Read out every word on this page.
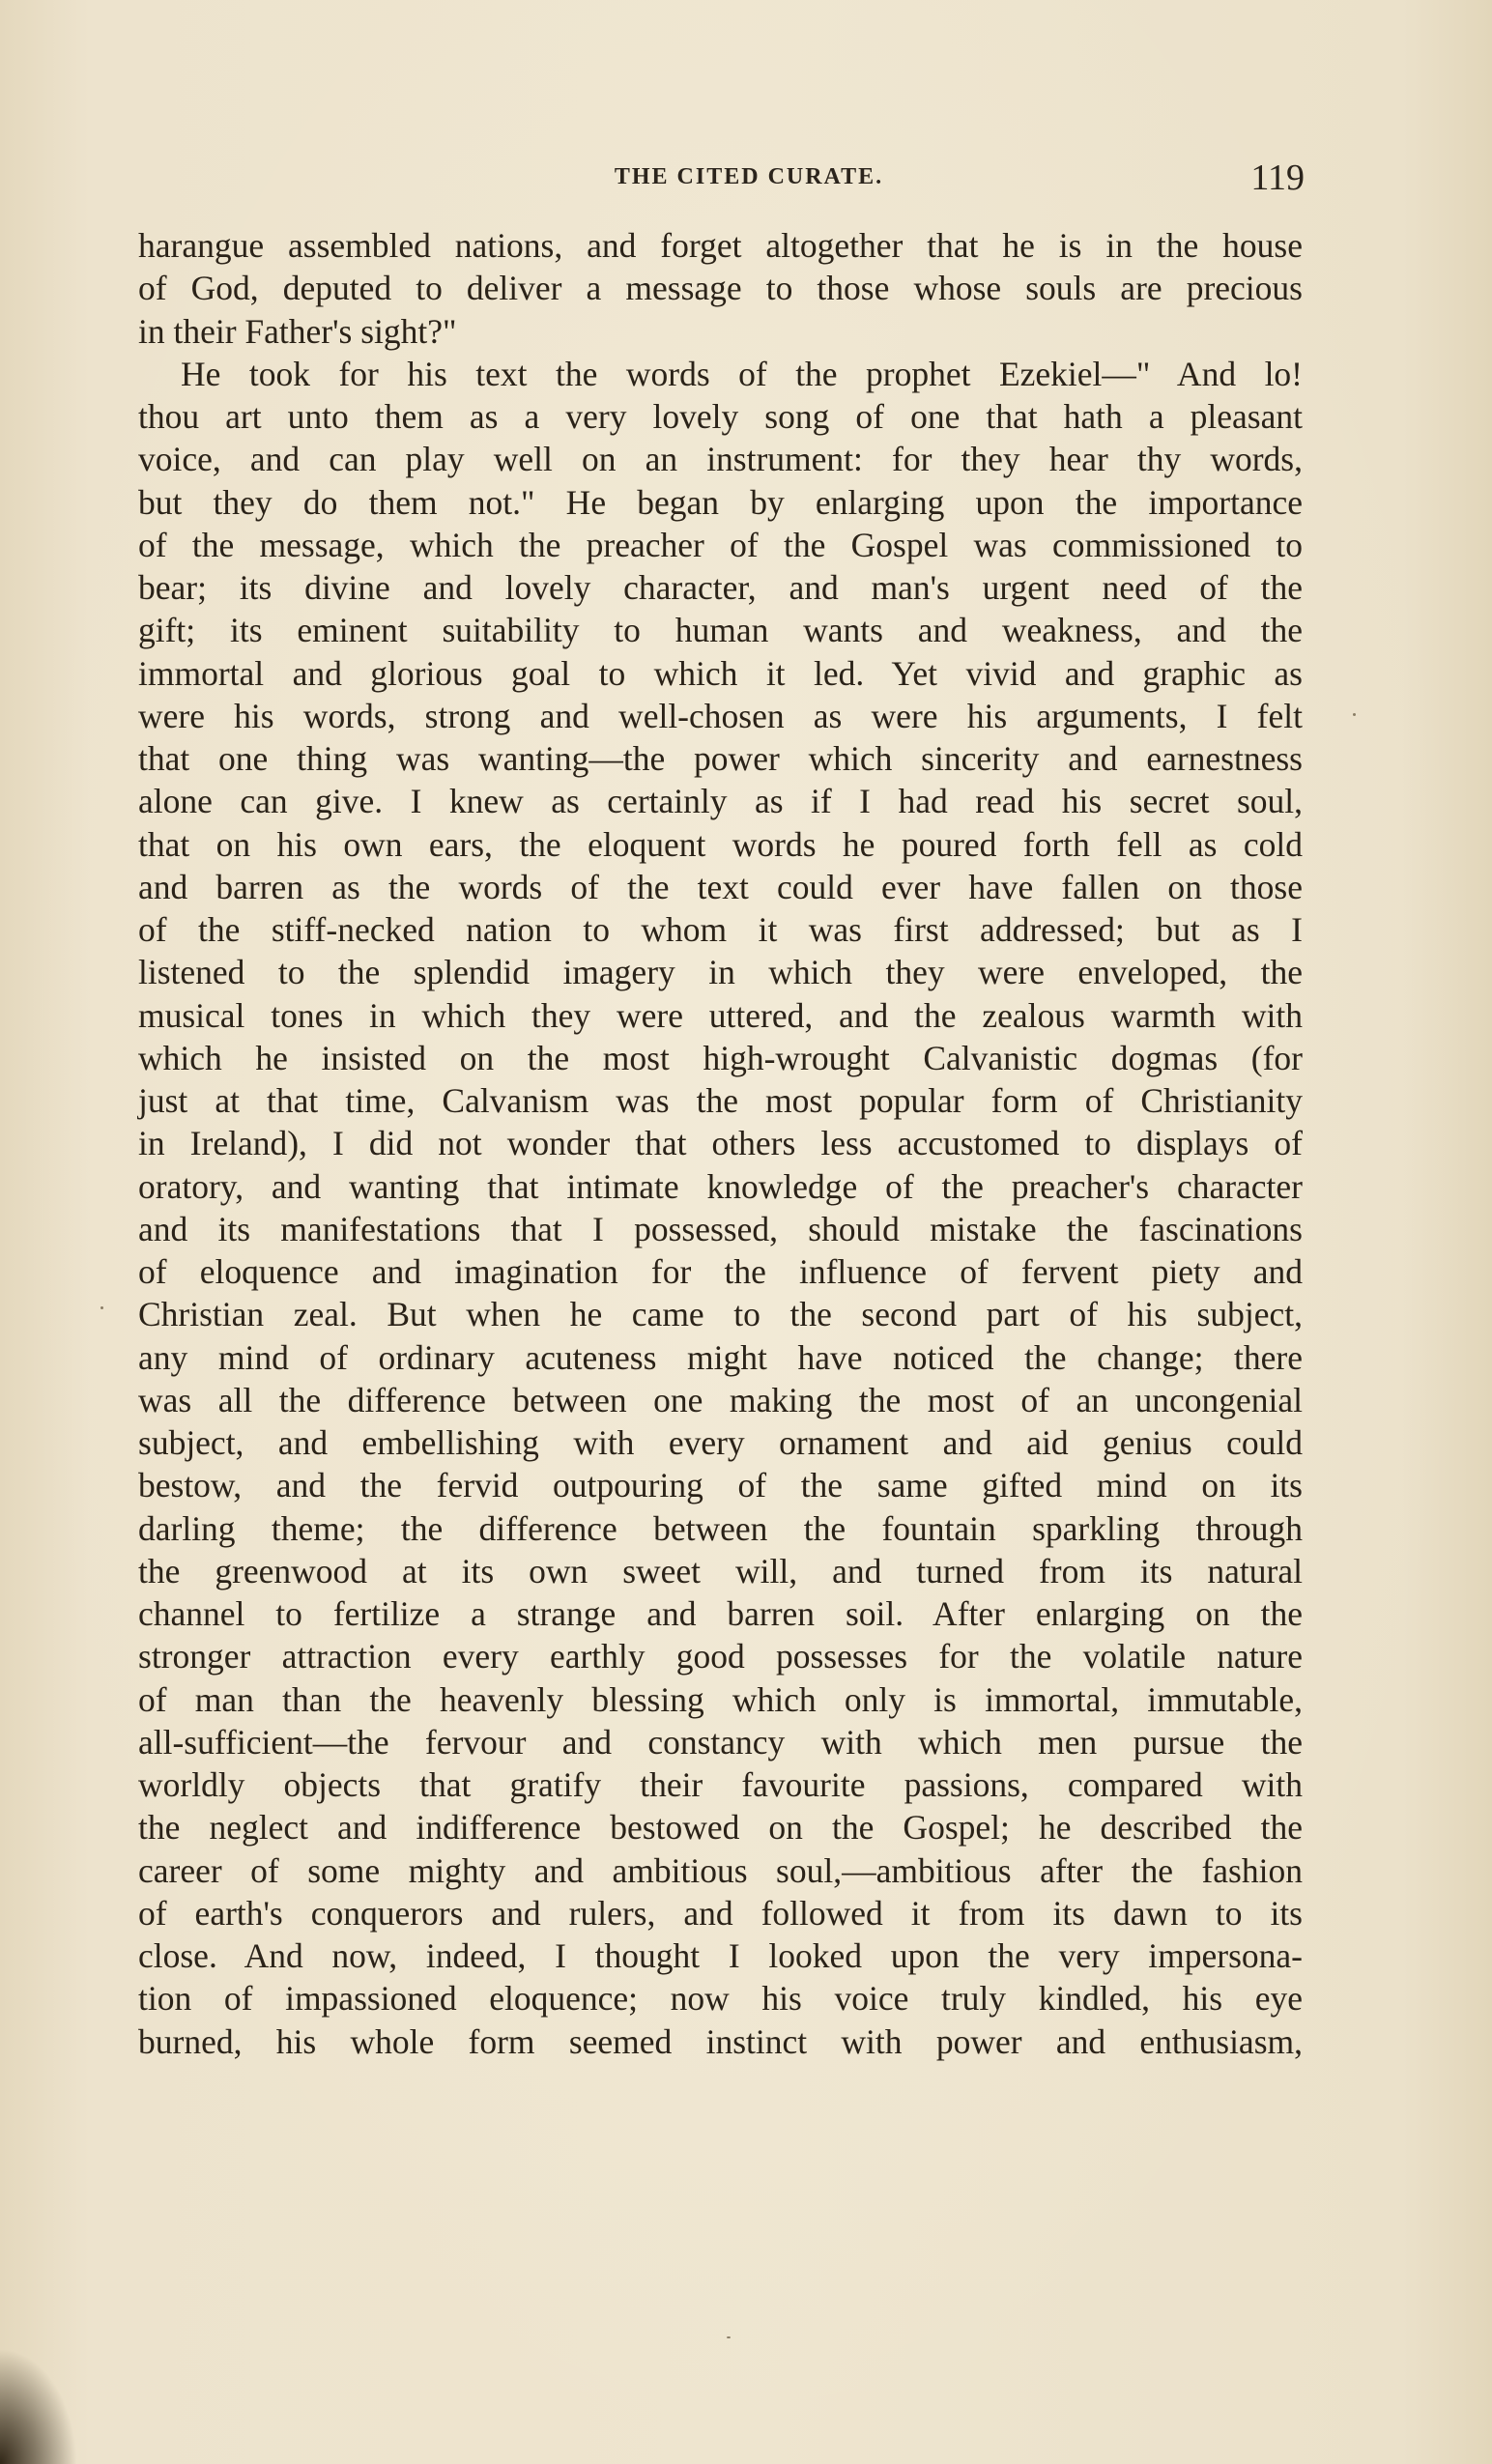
THE CITED CURATE.	119
harangue assembled nations, and forget altogether that he is in the house
of God, deputed to deliver a message to those whose souls are precious
in their Father's sight?"
He took for his text the words of the prophet Ezekiel—" And lo!
thou art unto them as a very lovely song of one that hath a pleasant
voice, and can play well on an instrument: for they hear thy words,
but they do them not." He began by enlarging upon the importance
of the message, which the preacher of the Gospel was commissioned to
bear; its divine and lovely character, and man's urgent need of the
gift; its eminent suitability to human wants and weakness, and the
immortal and glorious goal to which it led. Yet vivid and graphic as
were his words, strong and well-chosen as were his arguments, I felt
that one thing was wanting—the power which sincerity and earnestness
alone can give. I knew as certainly as if I had read his secret soul,
that on his own ears, the eloquent words he poured forth fell as cold
and barren as the words of the text could ever have fallen on those
of the stiff-necked nation to whom it was first addressed; but as I
listened to the splendid imagery in which they were enveloped, the
musical tones in which they were uttered, and the zealous warmth with
which he insisted on the most high-wrought Calvanistic dogmas (for
just at that time, Calvanism was the most popular form of Christianity
in Ireland), I did not wonder that others less accustomed to displays of
oratory, and wanting that intimate knowledge of the preacher's character
and its manifestations that I possessed, should mistake the fascinations
of eloquence and imagination for the influence of fervent piety and
Christian zeal. But when he came to the second part of his subject,
any mind of ordinary acuteness might have noticed the change; there
was all the difference between one making the most of an uncongenial
subject, and embellishing with every ornament and aid genius could
bestow, and the fervid outpouring of the same gifted mind on its
darling theme; the difference between the fountain sparkling through
the greenwood at its own sweet will, and turned from its natural
channel to fertilize a strange and barren soil. After enlarging on the
stronger attraction every earthly good possesses for the volatile nature
of man than the heavenly blessing which only is immortal, immutable,
all-sufficient—the fervour and constancy with which men pursue the
worldly objects that gratify their favourite passions, compared with
the neglect and indifference bestowed on the Gospel; he described the
career of some mighty and ambitious soul,—ambitious after the fashion
of earth's conquerors and rulers, and followed it from its dawn to its
close. And now, indeed, I thought I looked upon the very impersona-
tion of impassioned eloquence; now his voice truly kindled, his eye
burned, his whole form seemed instinct with power and enthusiasm,
